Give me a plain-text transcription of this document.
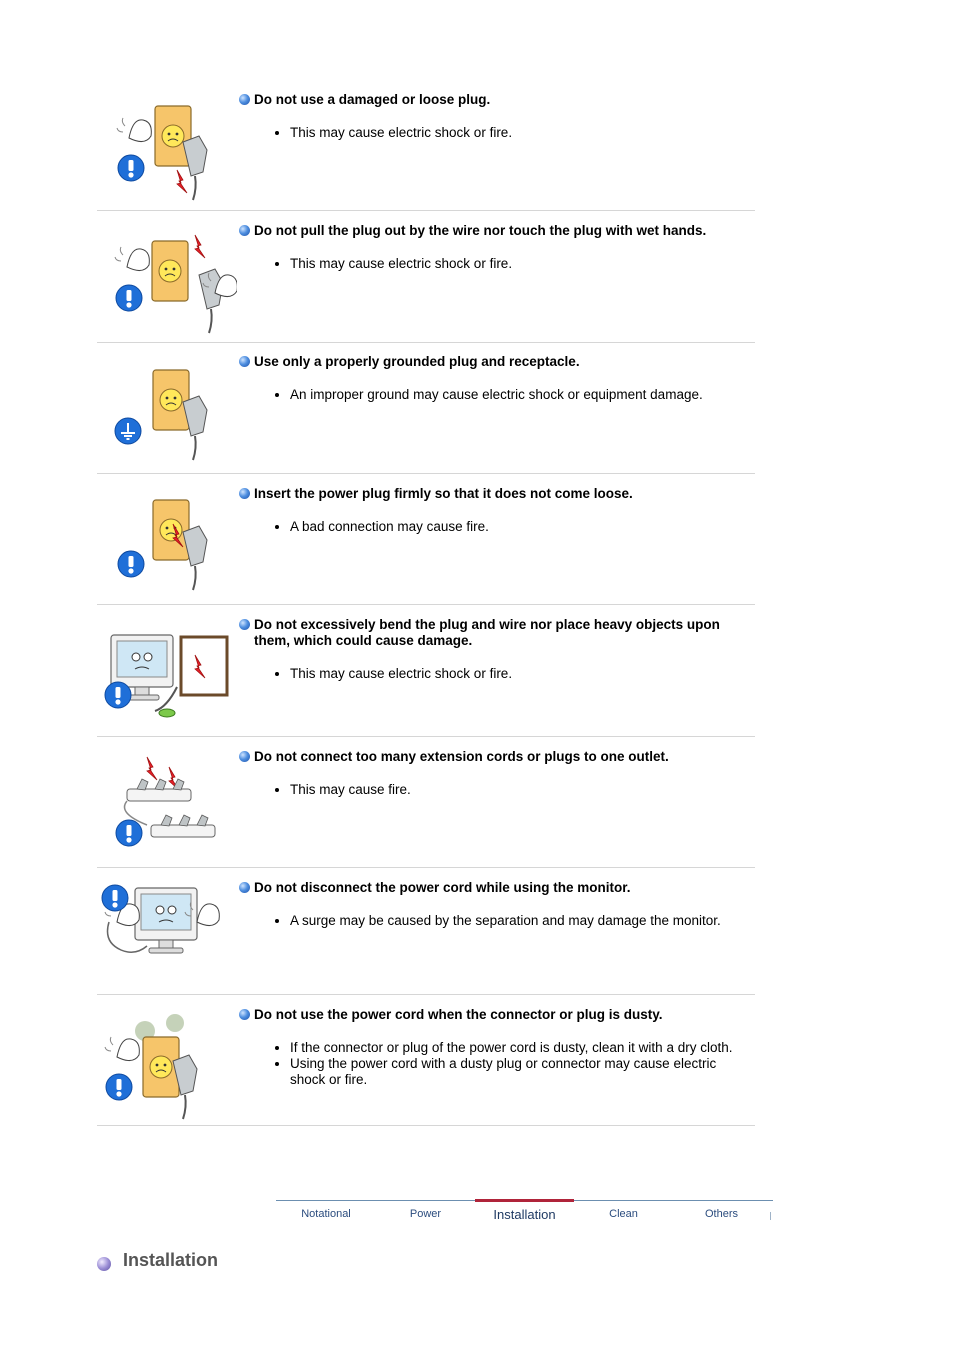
Do not use a damaged or loose plug.

• This may cause electric shock or fire.

Do not pull the plug out by the wire nor touch the plug with wet hands.

• This may cause electric shock or fire.

Use only a properly grounded plug and receptacle.

• An improper ground may cause electric shock or equipment damage.

Insert the power plug firmly so that it does not come loose.

• A bad connection may cause fire.

Do not excessively bend the plug and wire nor place heavy objects upon them, which could cause damage.

• This may cause electric shock or fire.

Do not connect too many extension cords or plugs to one outlet.

• This may cause fire.

Do not disconnect the power cord while using the monitor.

• A surge may be caused by the separation and may damage the monitor.

Do not use the power cord when the connector or plug is dusty.

• If the connector or plug of the power cord is dusty, clean it with a dry cloth.
• Using the power cord with a dusty plug or connector may cause electric shock or fire.
Notational	Power	Installation	Clean	Others
Installation
